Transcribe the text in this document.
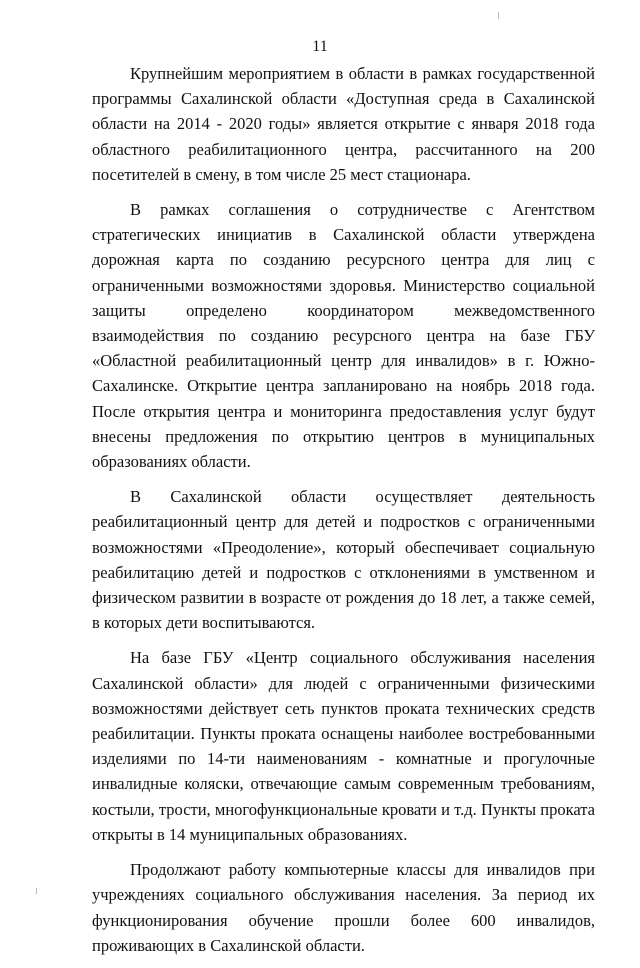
11

Крупнейшим мероприятием в области в рамках государственной программы Сахалинской области «Доступная среда в Сахалинской области на 2014 - 2020 годы» является открытие с января 2018 года областного реабилитационного центра, рассчитанного на 200 посетителей в смену, в том числе 25 мест стационара.

В рамках соглашения о сотрудничестве с Агентством стратегических инициатив в Сахалинской области утверждена дорожная карта по созданию ресурсного центра для лиц с ограниченными возможностями здоровья. Министерство социальной защиты определено координатором межведомственного взаимодействия по созданию ресурсного центра на базе ГБУ «Областной реабилитационный центр для инвалидов» в г. Южно-Сахалинске. Открытие центра запланировано на ноябрь 2018 года. После открытия центра и мониторинга предоставления услуг будут внесены предложения по открытию центров в муниципальных образованиях области.

В Сахалинской области осуществляет деятельность реабилитационный центр для детей и подростков с ограниченными возможностями «Преодоление», который обеспечивает социальную реабилитацию детей и подростков с отклонениями в умственном и физическом развитии в возрасте от рождения до 18 лет, а также семей, в которых дети воспитываются.

На базе ГБУ «Центр социального обслуживания населения Сахалинской области» для людей с ограниченными физическими возможностями действует сеть пунктов проката технических средств реабилитации. Пункты проката оснащены наиболее востребованными изделиями по 14-ти наименованиям - комнатные и прогулочные инвалидные коляски, отвечающие самым современным требованиям, костыли, трости, многофункциональные кровати и т.д. Пункты проката открыты в 14 муниципальных образованиях.

Продолжают работу компьютерные классы для инвалидов при учреждениях социального обслуживания населения. За период их функционирования обучение прошли более 600 инвалидов, проживающих в Сахалинской области.
